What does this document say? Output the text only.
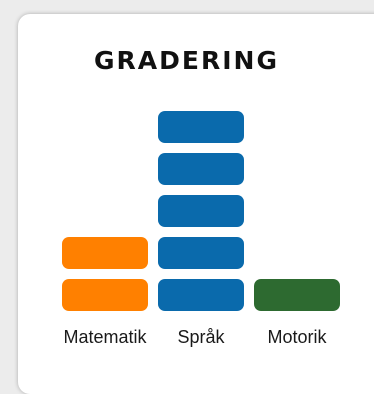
GRADERING
Matematik Språk Motorik
